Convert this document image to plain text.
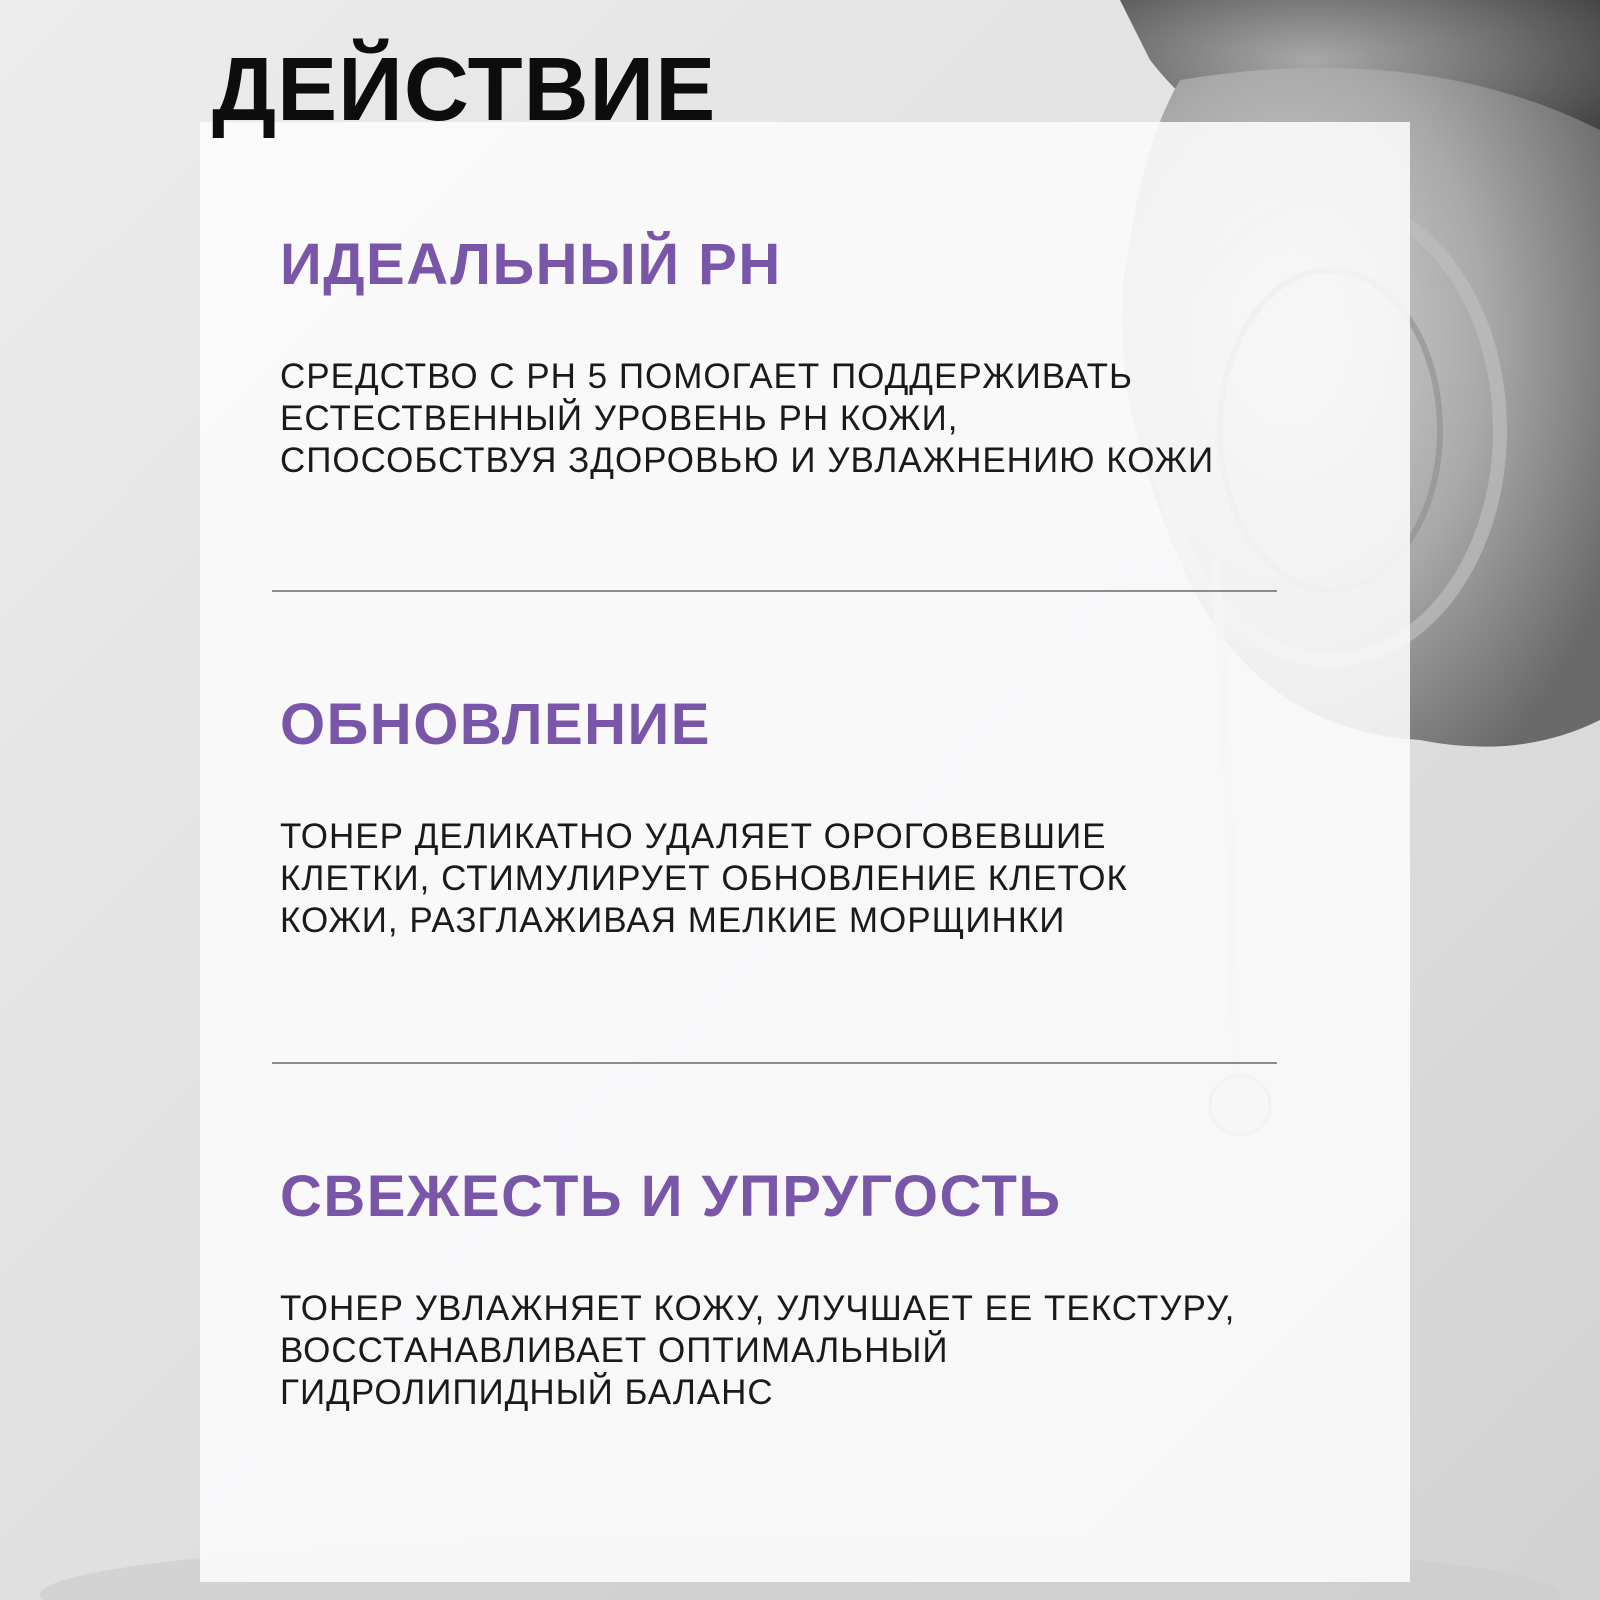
ДЕЙСТВИЕ
ИДЕАЛЬНЫЙ PH

СРЕДСТВО С PH 5 ПОМОГАЕТ ПОДДЕРЖИВАТЬ
ЕСТЕСТВЕННЫЙ УРОВЕНЬ PH КОЖИ,
СПОСОБСТВУЯ ЗДОРОВЬЮ И УВЛАЖНЕНИЮ КОЖИ

ОБНОВЛЕНИЕ

ТОНЕР ДЕЛИКАТНО УДАЛЯЕТ ОРОГОВЕВШИЕ
КЛЕТКИ, СТИМУЛИРУЕТ ОБНОВЛЕНИЕ КЛЕТОК
КОЖИ, РАЗГЛАЖИВАЯ МЕЛКИЕ МОРЩИНКИ

СВЕЖЕСТЬ И УПРУГОСТЬ

ТОНЕР УВЛАЖНЯЕТ КОЖУ, УЛУЧШАЕТ ЕЕ ТЕКСТУРУ,
ВОССТАНАВЛИВАЕТ ОПТИМАЛЬНЫЙ
ГИДРОЛИПИДНЫЙ БАЛАНС
